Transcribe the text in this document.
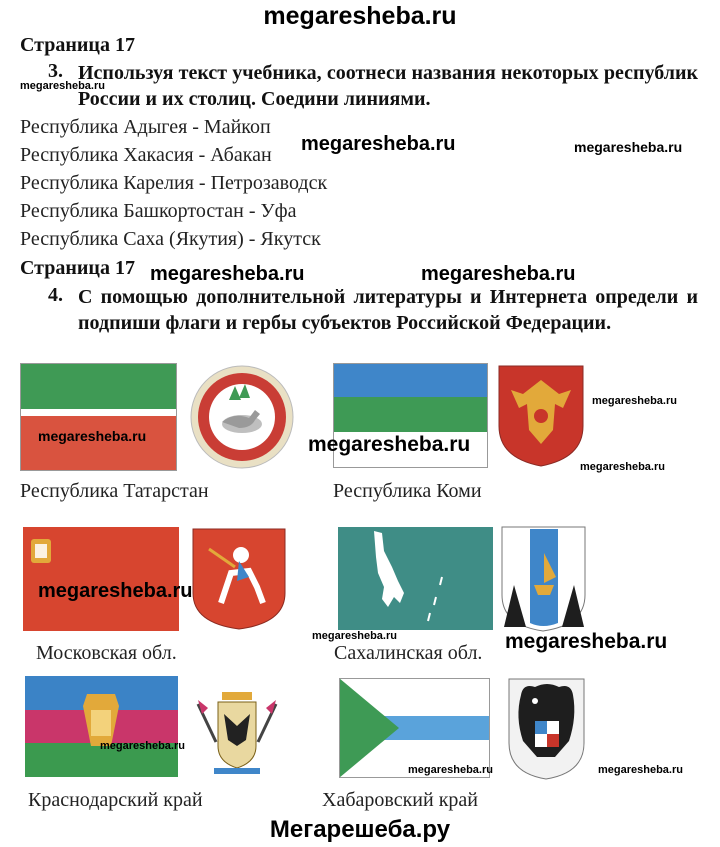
megaresheba.ru
Страница 17
3. Используя текст учебника, соотнеси названия некоторых республик России и их столиц. Соедини линиями.
Республика Адыгея - Майкоп
Республика Хакасия - Абакан
Республика Карелия - Петрозаводск
Республика Башкортостан - Уфа
Республика Саха (Якутия) - Якутск
Страница 17
4. С помощью дополнительной литературы и Интернета определи и подпиши флаги и гербы субъектов Российской Федерации.
Республика Татарстан	Республика Коми
Московская обл.	Сахалинская обл.
Краснодарский край	Хабаровский край
Мегарешеба.ру
megaresheba.ru
megaresheba.ru	megaresheba.ru
megaresheba.ru	megaresheba.ru
megaresheba.ru
megaresheba.ru	megaresheba.ru
megaresheba.ru
megaresheba.ru
megaresheba.ru	megaresheba.ru
megaresheba.ru
megaresheba.ru	megaresheba.ru
